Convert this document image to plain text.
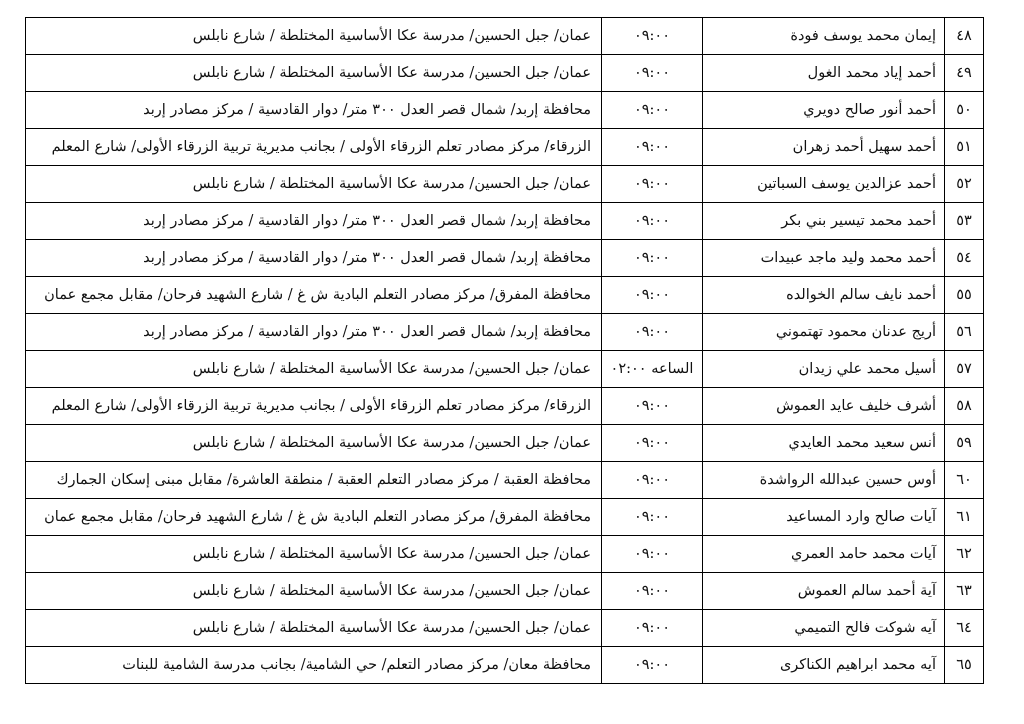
٤٨	إيمان محمد يوسف فودة	٠٩:٠٠	عمان/ جبل الحسين/ مدرسة عكا الأساسية المختلطة / شارع نابلس
٤٩	أحمد إياد محمد الغول	٠٩:٠٠	عمان/ جبل الحسين/ مدرسة عكا الأساسية المختلطة / شارع نابلس
٥٠	أحمد أنور صالح دويري	٠٩:٠٠	محافظة إربد/ شمال قصر العدل ٣٠٠ متر/ دوار القادسية / مركز مصادر إربد
٥١	أحمد سهيل أحمد زهران	٠٩:٠٠	الزرقاء/ مركز مصادر تعلم الزرقاء الأولى / بجانب مديرية تربية الزرقاء الأولى/ شارع المعلم
٥٢	أحمد عزالدين يوسف السباتين	٠٩:٠٠	عمان/ جبل الحسين/ مدرسة عكا الأساسية المختلطة / شارع نابلس
٥٣	أحمد محمد تيسير بني بكر	٠٩:٠٠	محافظة إربد/ شمال قصر العدل ٣٠٠ متر/ دوار القادسية / مركز مصادر إربد
٥٤	أحمد محمد وليد ماجد عبيدات	٠٩:٠٠	محافظة إربد/ شمال قصر العدل ٣٠٠ متر/ دوار القادسية / مركز مصادر إربد
٥٥	أحمد نايف سالم الخوالده	٠٩:٠٠	محافظة المفرق/ مركز مصادر التعلم البادية ش غ / شارع الشهيد فرحان/ مقابل مجمع عمان
٥٦	أريج عدنان محمود تهتموني	٠٩:٠٠	محافظة إربد/ شمال قصر العدل ٣٠٠ متر/ دوار القادسية / مركز مصادر إربد
٥٧	أسيل محمد علي زيدان	الساعه ٠٢:٠٠	عمان/ جبل الحسين/ مدرسة عكا الأساسية المختلطة / شارع نابلس
٥٨	أشرف خليف عايد العموش	٠٩:٠٠	الزرقاء/ مركز مصادر تعلم الزرقاء الأولى / بجانب مديرية تربية الزرقاء الأولى/ شارع المعلم
٥٩	أنس سعيد محمد العايدي	٠٩:٠٠	عمان/ جبل الحسين/ مدرسة عكا الأساسية المختلطة / شارع نابلس
٦٠	أوس حسين عبدالله الرواشدة	٠٩:٠٠	محافظة العقبة / مركز مصادر التعلم العقبة / منطقة العاشرة/ مقابل مبنى إسكان الجمارك
٦١	آيات صالح وارد المساعيد	٠٩:٠٠	محافظة المفرق/ مركز مصادر التعلم البادية ش غ / شارع الشهيد فرحان/ مقابل مجمع عمان
٦٢	آيات محمد حامد العمري	٠٩:٠٠	عمان/ جبل الحسين/ مدرسة عكا الأساسية المختلطة / شارع نابلس
٦٣	آية أحمد سالم العموش	٠٩:٠٠	عمان/ جبل الحسين/ مدرسة عكا الأساسية المختلطة / شارع نابلس
٦٤	آيه شوكت فالح التميمي	٠٩:٠٠	عمان/ جبل الحسين/ مدرسة عكا الأساسية المختلطة / شارع نابلس
٦٥	آيه محمد ابراهيم الكناكرى	٠٩:٠٠	محافظة معان/ مركز مصادر التعلم/ حي الشامية/ بجانب مدرسة الشامية للبنات
